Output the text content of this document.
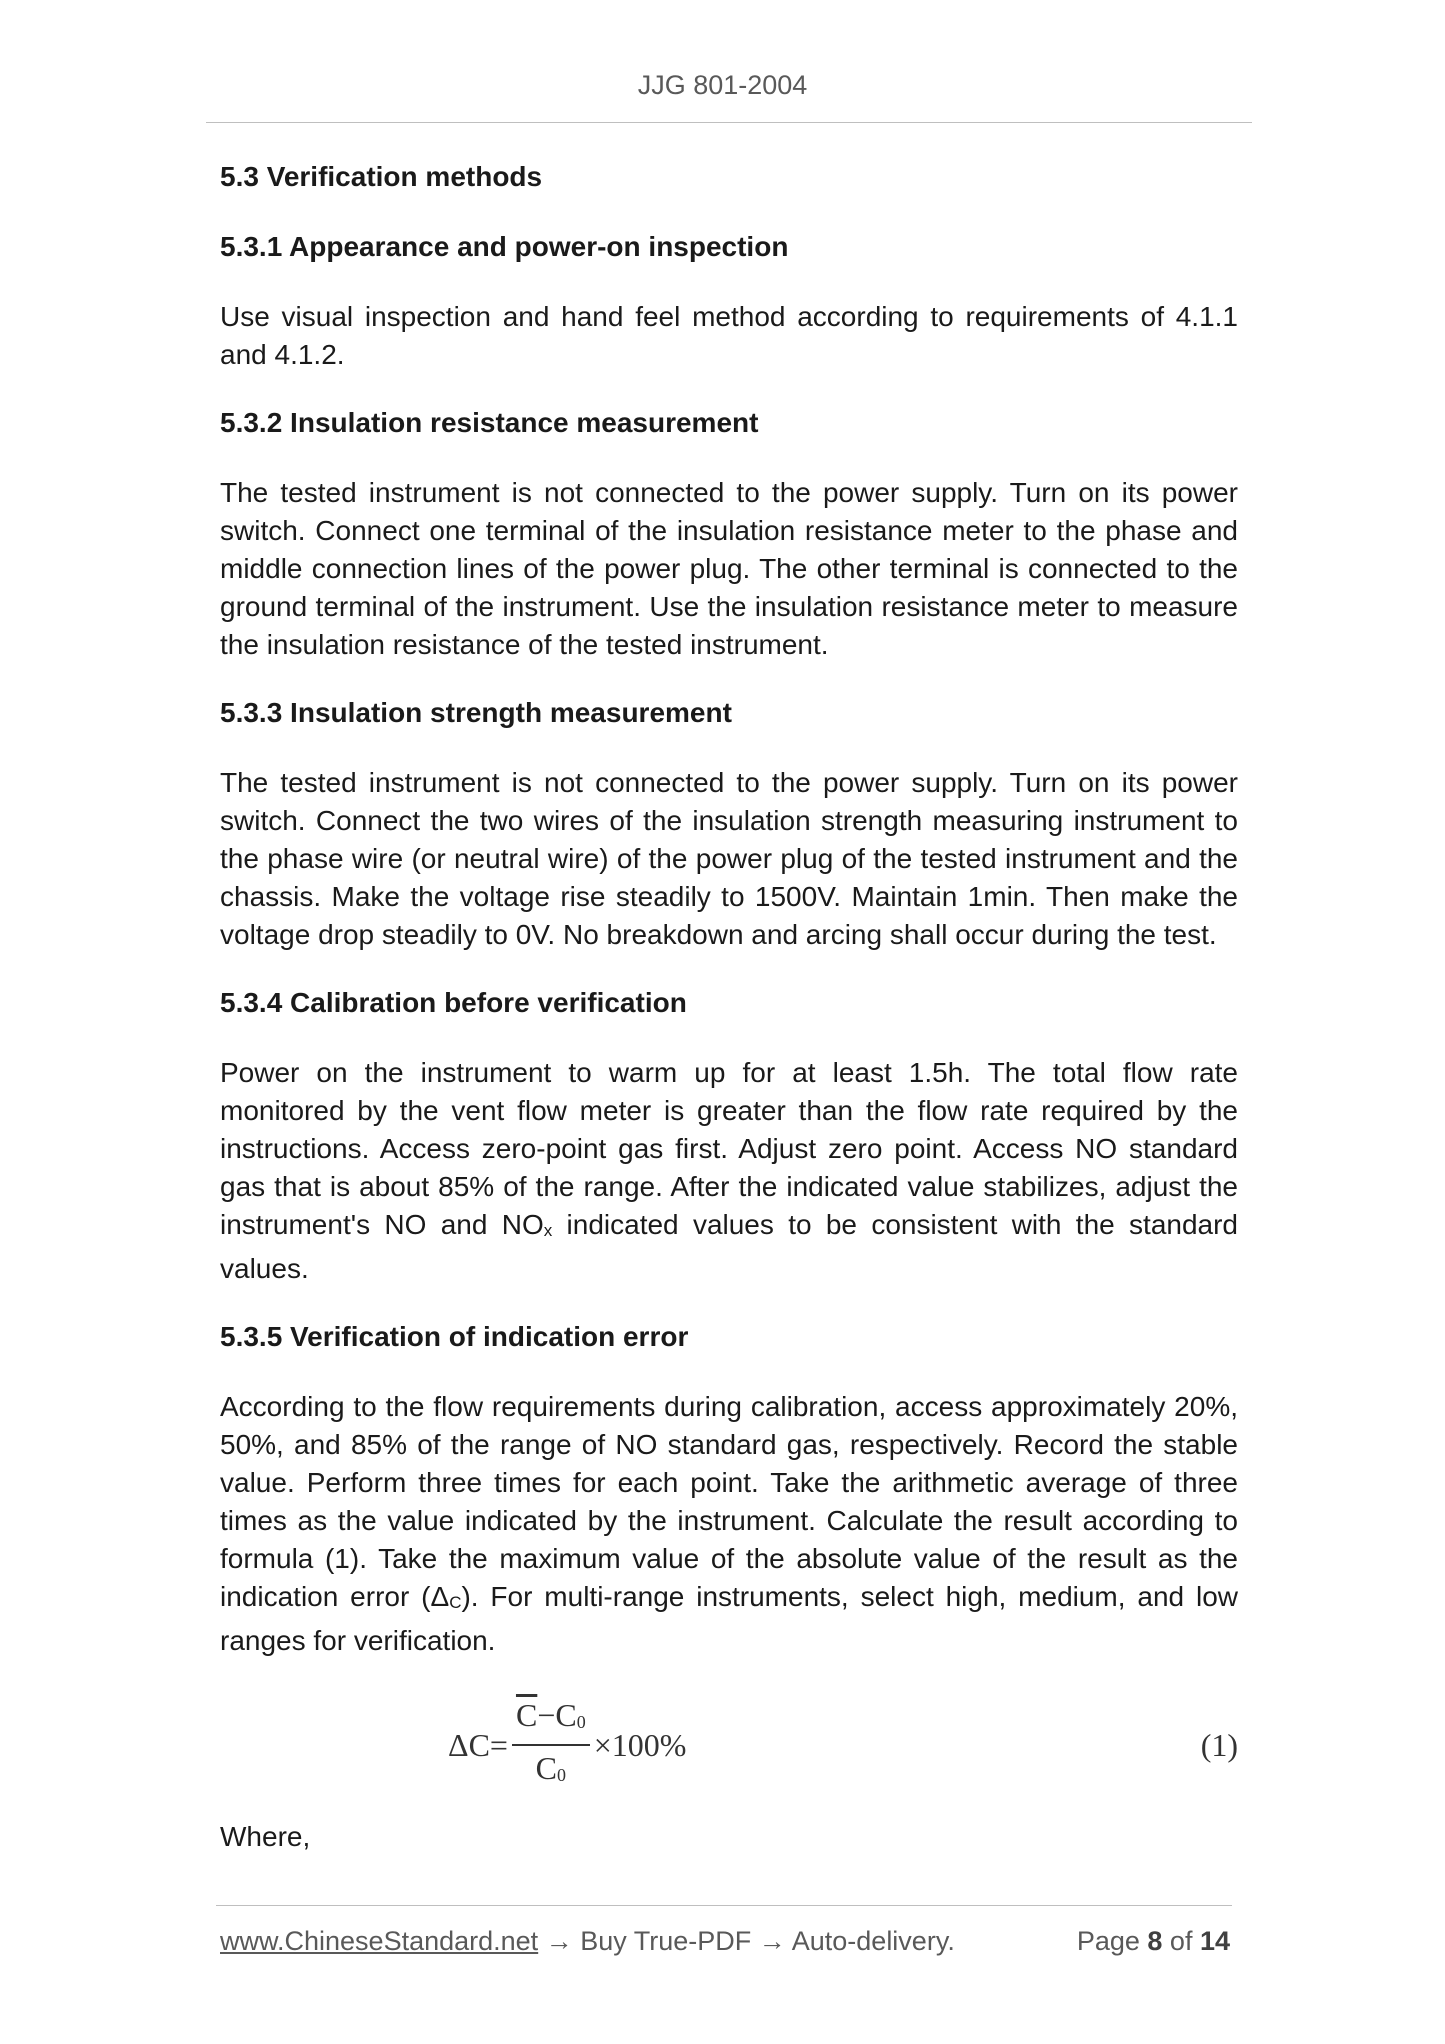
JJG 801-2004
5.3 Verification methods
5.3.1 Appearance and power-on inspection

Use visual inspection and hand feel method according to requirements of 4.1.1 and 4.1.2.

5.3.2 Insulation resistance measurement

The tested instrument is not connected to the power supply. Turn on its power switch. Connect one terminal of the insulation resistance meter to the phase and middle connection lines of the power plug. The other terminal is connected to the ground terminal of the instrument. Use the insulation resistance meter to measure the insulation resistance of the tested instrument.

5.3.3 Insulation strength measurement

The tested instrument is not connected to the power supply. Turn on its power switch. Connect the two wires of the insulation strength measuring instrument to the phase wire (or neutral wire) of the power plug of the tested instrument and the chassis. Make the voltage rise steadily to 1500V. Maintain 1min. Then make the voltage drop steadily to 0V. No breakdown and arcing shall occur during the test.

5.3.4 Calibration before verification

Power on the instrument to warm up for at least 1.5h. The total flow rate monitored by the vent flow meter is greater than the flow rate required by the instructions. Access zero-point gas first. Adjust zero point. Access NO standard gas that is about 85% of the range. After the indicated value stabilizes, adjust the instrument's NO and $NO_x$ indicated values to be consistent with the standard values.

5.3.5 Verification of indication error

According to the flow requirements during calibration, access approximately 20%, 50%, and 85% of the range of NO standard gas, respectively. Record the stable value. Perform three times for each point. Take the arithmetic average of three times as the value indicated by the instrument. Calculate the result according to formula (1). Take the maximum value of the absolute value of the result as the indication error $(\Delta_C)$. For multi-range instruments, select high, medium, and low ranges for verification.

$\Delta C= \frac{\overline{C}-C_0}{C_0} \times 100\%$	(1)

Where,

www.ChineseStandard.net → Buy True-PDF → Auto-delivery.	Page 8 of 14
